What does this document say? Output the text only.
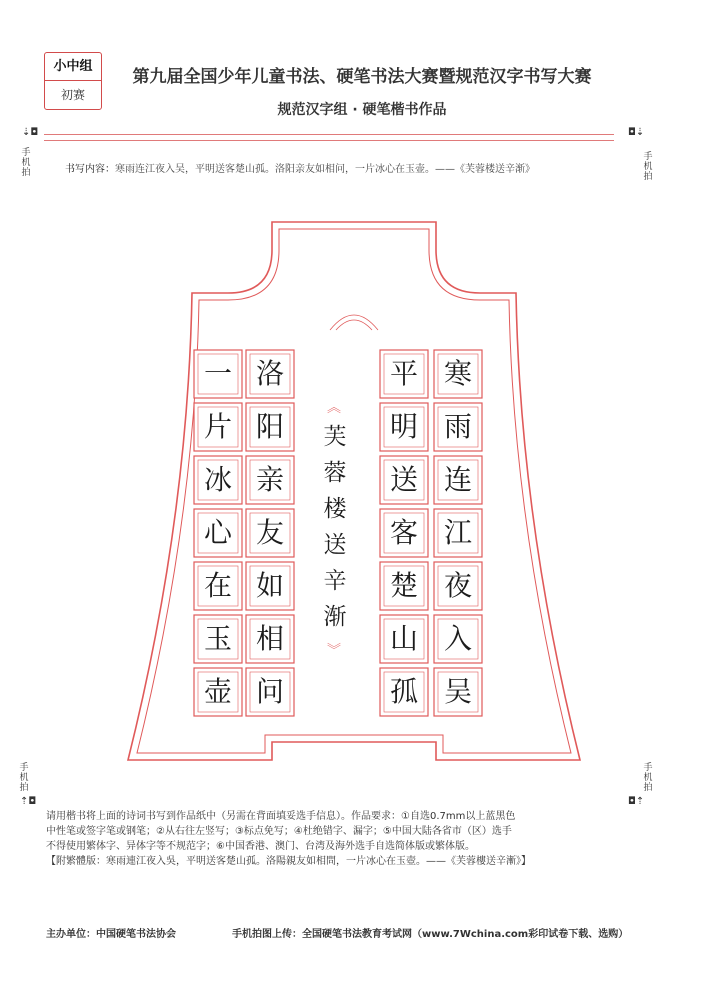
小中组
初赛
第九届全国少年儿童书法、硬笔书法大赛暨规范汉字书写大赛
规范汉字组 · 硬笔楷书作品
⇣◘
手
机
拍
◘⇣
手
机
拍
手
机
拍
⇡◘
手
机
拍
◘⇡
书写内容：寒雨连江夜入吴，平明送客楚山孤。洛阳亲友如相问，一片冰心在玉壶。——《芙蓉楼送辛渐》
寒
雨
连
江
夜
入
吴
平
明
送
客
楚
山
孤
洛
阳
亲
友
如
相
问
一
片
冰
心
在
玉
壶
︽
芙
蓉
楼
送
辛
渐
︾

请用楷书将上面的诗词书写到作品纸中（另需在背面填妥选手信息）。作品要求：①自选0.7mm以上蓝黑色

中性笔或签字笔或钢笔；②从右往左竖写；③标点免写；④杜绝错字、漏字；⑤中国大陆各省市（区）选手

不得使用繁体字、异体字等不规范字；⑥中国香港、澳门、台湾及海外选手自选简体版或繁体版。

【附繁體版：寒雨連江夜入吳，平明送客楚山孤。洛陽親友如相問，一片冰心在玉壺。——《芙蓉樓送辛漸》】

主办单位：中国硬笔书法协会	手机拍图上传：全国硬笔书法教育考试网（www.7Wchina.com彩印试卷下载、选购）
